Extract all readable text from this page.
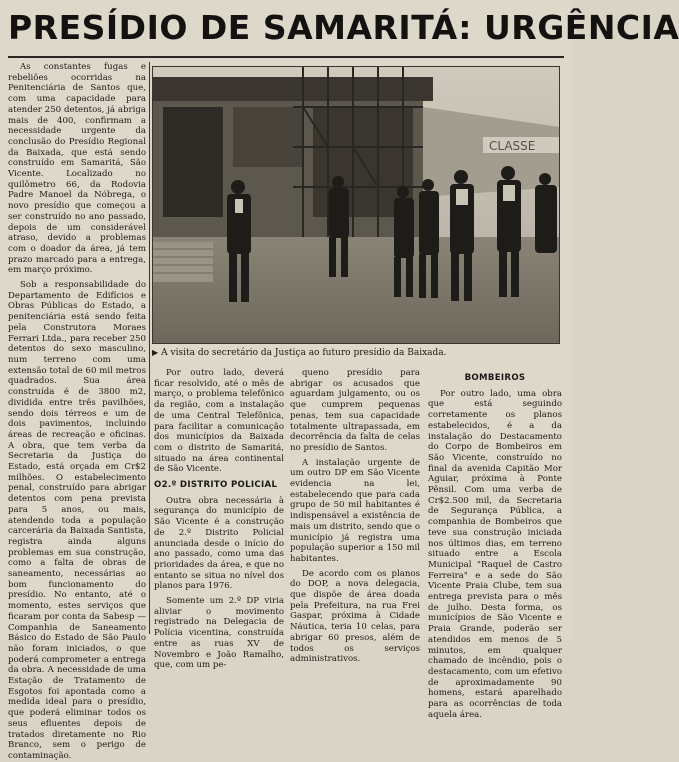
PRESÍDIO DE SAMARITÁ: URGÊNCIA

As constantes fugas e rebeliões ocorridas na Penitenciária de Santos que, com uma capacidade para atender 250 detentos, já abriga mais de 400, confirmam a necessidade urgente da conclusão do Presídio Regional da Baixada, que está sendo construído em Samaritá, São Vicente. Localizado no quilômetro 66, da Rodovia Padre Manoel da Nóbrega, o novo presídio que começou a ser construído no ano passado, depois de um considerável atraso, devido a problemas com o doador da área, já tem prazo marcado para a entrega, em março próximo.

Sob a responsabilidade do Departamento de Edifícios e Obras Públicas do Estado, a penitenciária está sendo feita pela Construtora Moraes Ferrari Ltda., para receber 250 detentos do sexo masculino, num terreno com uma extensão total de 60 mil metros quadrados. Sua área construída é de 3800 m2, dividida entre três pavilhões, sendo dois térreos e um de dois pavimentos, incluindo áreas de recreação e oficinas. A obra, que tem verba da Secretaria da Justiça do Estado, está orçada em Cr$2 milhões. O estabelecimento penal, construído para abrigar detentos com pena prevista para 5 anos, ou mais, atendendo toda a população carcerária da Baixada Santista, registra ainda alguns problemas em sua construção, como a falta de obras de saneamento, necessárias ao bom funcionamento do presídio. No entanto, até o momento, estes serviços que ficaram por conta da Sabesp — Companhia de Saneamento Básico do Estado de São Paulo não foram iniciados, o que poderá comprometer a entrega da obra. A necessidade de uma Estação de Tratamento de Esgotos foi apontada como a medida ideal para o presídio, que poderá eliminar todos os seus efluentes depois de tratados diretamente no Rio Branco, sem o perigo de contaminação.

CLASSE
▶ A visita do secretário da Justiça ao futuro presídio da Baixada.

Por outro lado, deverá ficar resolvido, até o mês de março, o problema telefônico da região, com a instalação de uma Central Telefônica, para facilitar a comunicação dos municípios da Baixada com o distrito de Samaritá, situado na área continental de São Vicente.

O2.º DISTRITO POLICIAL

Outra obra necessária à segurança do município de São Vicente é a construção de 2.º Distrito Policial anunciada desde o início do ano passado, como uma das prioridades da área, e que no entanto se situa no nível dos planos para 1976.

Somente um 2.º DP viria aliviar o movimento registrado na Delegacia de Polícia vicentina, construída entre as ruas XV de Novembro e João Ramalho, que, com um pe-

queno presídio para abrigar os acusados que aguardam julgamento, ou os que cumprem pequenas penas, tem sua capacidade totalmente ultrapassada, em decorrência da falta de celas no presídio de Santos.

A instalação urgente de um outro DP em São Vicente evidencia na lei, estabelecendo que para cada grupo de 50 mil habitantes é indispensável a existência de mais um distrito, sendo que o município já registra uma população superior a 150 mil habitantes.

De acordo com os planos do DOP, a nova delegacia, que dispõe de área doada pela Prefeitura, na rua Frei Gaspar, próxima à Cidade Náutica, teria 10 celas, para abrigar 60 presos, além de todos os serviços administrativos.

BOMBEIROS

Por outro lado, uma obra que está seguindo corretamente os planos estabelecidos, é a da instalação do Destacamento do Corpo de Bombeiros em São Vicente, construído no final da avenida Capitão Mor Aguiar, próxima à Ponte Pênsil. Com uma verba de Cr$2.500 mil, da Secretaria de Segurança Pública, a companhia de Bombeiros que teve sua construção iniciada nos últimos dias, em terreno situado entre a Escola Municipal "Raquel de Castro Ferreira" e a sede do São Vicente Praia Clube, tem sua entrega prevista para o mês de julho. Desta forma, os municípios de São Vicente e Praia Grande, poderão ser atendidos em menos de 5 minutos, em qualquer chamado de incêndio, pois o destacamento, com um efetivo de aproximadamente 90 homens, estará aparelhado para as ocorrências de toda aquela área.
